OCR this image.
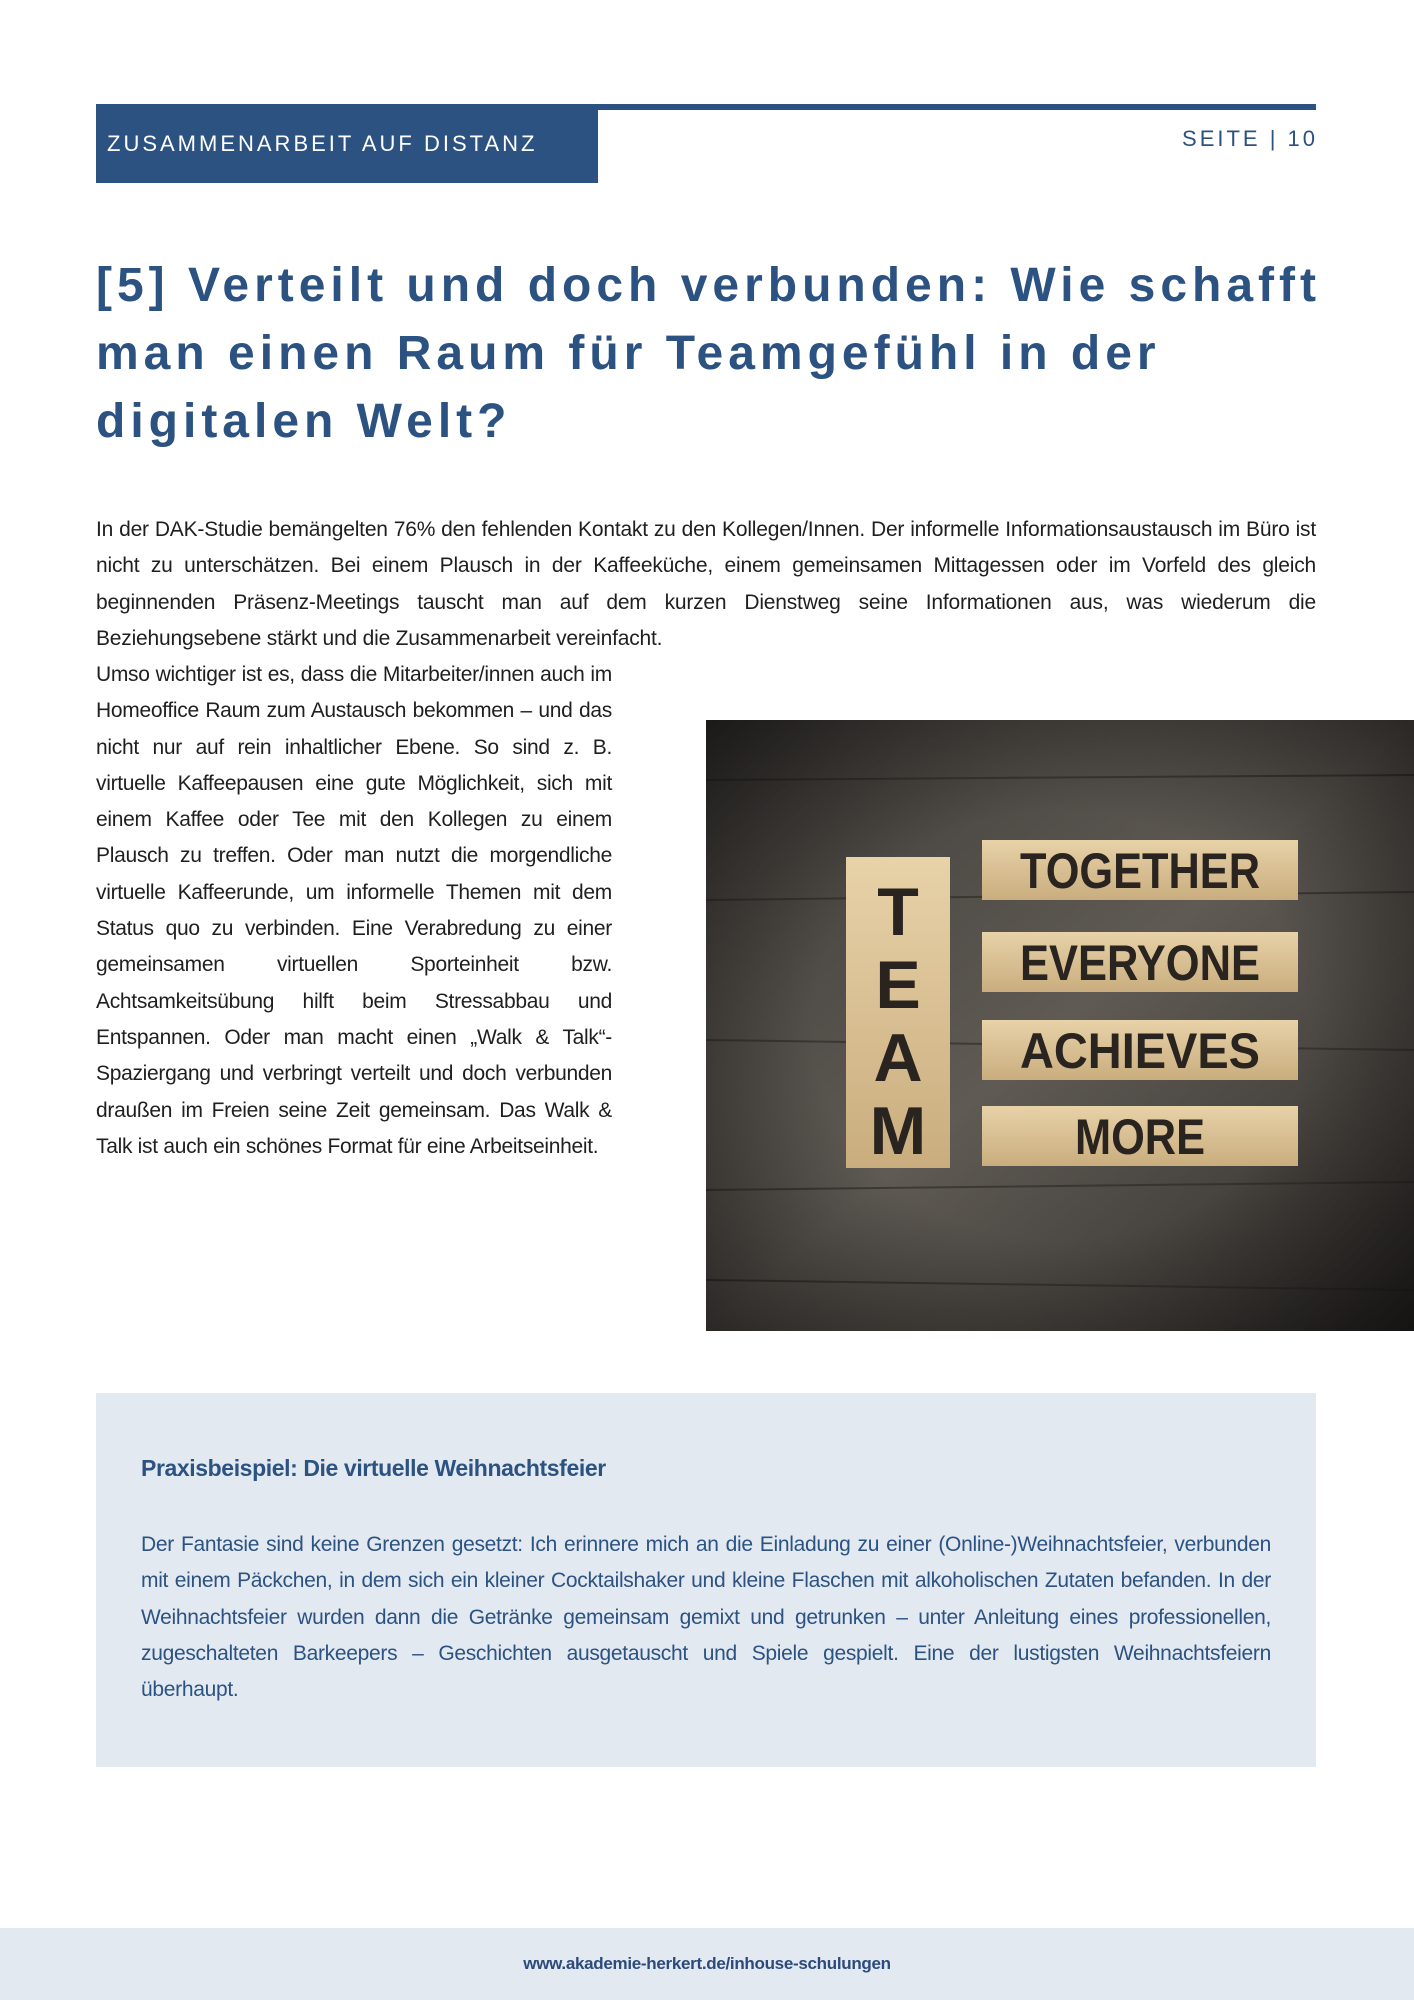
ZUSAMMENARBEIT AUF DISTANZ	SEITE | 10
[5] Verteilt und doch verbunden: Wie schafft man einen Raum für Teamgefühl in der digitalen Welt?

In der DAK-Studie bemängelten 76% den fehlenden Kontakt zu den Kollegen/Innen. Der informelle Informationsaustausch im Büro ist nicht zu unterschätzen. Bei einem Plausch in der Kaffeeküche, einem gemeinsamen Mittagessen oder im Vorfeld des gleich beginnenden Präsenz-Meetings tauscht man auf dem kurzen Dienstweg seine Informationen aus, was wiederum die Beziehungsebene stärkt und die Zusammenarbeit vereinfacht.

Umso wichtiger ist es, dass die Mitarbeiter/innen auch im Homeoffice Raum zum Austausch bekommen – und das nicht nur auf rein inhaltlicher Ebene. So sind z. B. virtuelle Kaffeepausen eine gute Möglichkeit, sich mit einem Kaffee oder Tee mit den Kollegen zu einem Plausch zu treffen. Oder man nutzt die morgendliche virtuelle Kaffeerunde, um informelle Themen mit dem Status quo zu verbinden. Eine Verabredung zu einer gemeinsamen virtuellen Sporteinheit bzw. Achtsamkeitsübung hilft beim Stressabbau und Entspannen. Oder man macht einen „Walk & Talk“-Spaziergang und verbringt verteilt und doch verbunden draußen im Freien seine Zeit gemeinsam. Das Walk & Talk ist auch ein schönes Format für eine Arbeitseinheit.

T E A M
TOGETHER
EVERYONE
ACHIEVES
MORE
Praxisbeispiel: Die virtuelle Weihnachtsfeier

Der Fantasie sind keine Grenzen gesetzt: Ich erinnere mich an die Einladung zu einer (Online-)Weihnachtsfeier, verbunden mit einem Päckchen, in dem sich ein kleiner Cocktailshaker und kleine Flaschen mit alkoholischen Zutaten befanden. In der Weihnachtsfeier wurden dann die Getränke gemeinsam gemixt und getrunken – unter Anleitung eines professionellen, zugeschalteten Barkeepers – Geschichten ausgetauscht und Spiele gespielt. Eine der lustigsten Weihnachtsfeiern überhaupt.

www.akademie-herkert.de/inhouse-schulungen
